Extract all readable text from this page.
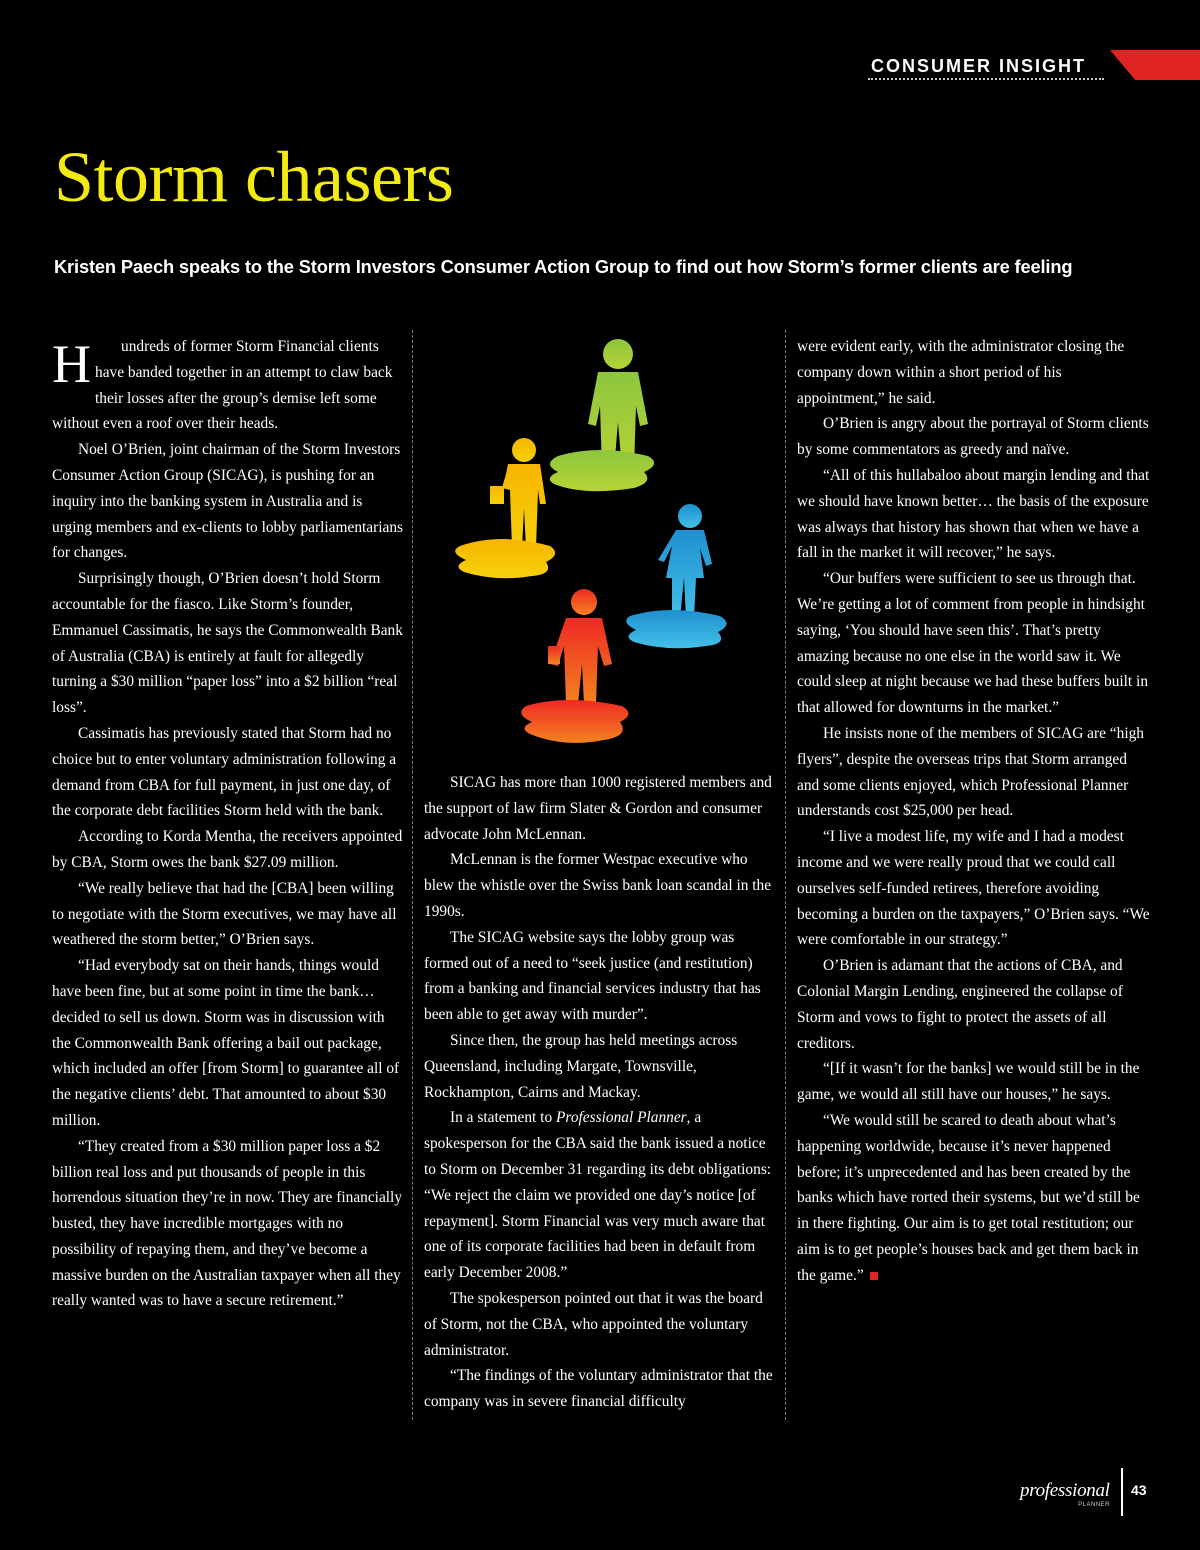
CONSUMER INSIGHT
Storm chasers

Kristen Paech speaks to the Storm Investors Consumer Action Group to find out how Storm’s former clients are feeling

H undreds of former Storm Financial clients have banded together in an attempt to claw back their losses after the group’s demise left some without even a roof over their heads.

Noel O’Brien, joint chairman of the Storm Investors Consumer Action Group (SICAG), is pushing for an inquiry into the banking system in Australia and is urging members and ex-clients to lobby parliamentarians for changes.

Surprisingly though, O’Brien doesn’t hold Storm accountable for the fiasco. Like Storm’s founder, Emmanuel Cassimatis, he says the Commonwealth Bank of Australia (CBA) is entirely at fault for allegedly turning a $30 million “paper loss” into a $2 billion “real loss”.

Cassimatis has previously stated that Storm had no choice but to enter voluntary administration following a demand from CBA for full payment, in just one day, of the corporate debt facilities Storm held with the bank.

According to Korda Mentha, the receivers appointed by CBA, Storm owes the bank $27.09 million.

“We really believe that had the [CBA] been willing to negotiate with the Storm executives, we may have all weathered the storm better,” O’Brien says.

“Had everybody sat on their hands, things would have been fine, but at some point in time the bank… decided to sell us down. Storm was in discussion with the Commonwealth Bank offering a bail out package, which included an offer [from Storm] to guarantee all of the negative clients’ debt. That amounted to about $30 million.

“They created from a $30 million paper loss a $2 billion real loss and put thousands of people in this horrendous situation they’re in now. They are financially busted, they have incredible mortgages with no possibility of repaying them, and they’ve become a massive burden on the Australian taxpayer when all they really wanted was to have a secure retirement.”

SICAG has more than 1000 registered members and the support of law firm Slater & Gordon and consumer advocate John McLennan.

McLennan is the former Westpac executive who blew the whistle over the Swiss bank loan scandal in the 1990s.

The SICAG website says the lobby group was formed out of a need to “seek justice (and restitution) from a banking and financial services industry that has been able to get away with murder”.

Since then, the group has held meetings across Queensland, including Margate, Townsville, Rockhampton, Cairns and Mackay.

In a statement to Professional Planner, a spokesperson for the CBA said the bank issued a notice to Storm on December 31 regarding its debt obligations: “We reject the claim we provided one day’s notice [of repayment]. Storm Financial was very much aware that one of its corporate facilities had been in default from early December 2008.”

The spokesperson pointed out that it was the board of Storm, not the CBA, who appointed the voluntary administrator.

“The findings of the voluntary administrator that the company was in severe financial difficulty

were evident early, with the administrator closing the company down within a short period of his appointment,” he said.

O’Brien is angry about the portrayal of Storm clients by some commentators as greedy and naïve.

“All of this hullabaloo about margin lending and that we should have known better… the basis of the exposure was always that history has shown that when we have a fall in the market it will recover,” he says.

“Our buffers were sufficient to see us through that. We’re getting a lot of comment from people in hindsight saying, ‘You should have seen this’. That’s pretty amazing because no one else in the world saw it. We could sleep at night because we had these buffers built in that allowed for downturns in the market.”

He insists none of the members of SICAG are “high flyers”, despite the overseas trips that Storm arranged and some clients enjoyed, which Professional Planner understands cost $25,000 per head.

“I live a modest life, my wife and I had a modest income and we were really proud that we could call ourselves self-funded retirees, therefore avoiding becoming a burden on the taxpayers,” O’Brien says. “We were comfortable in our strategy.”

O’Brien is adamant that the actions of CBA, and Colonial Margin Lending, engineered the collapse of Storm and vows to fight to protect the assets of all creditors.

“[If it wasn’t for the banks] we would still be in the game, we would all still have our houses,” he says.

“We would still be scared to death about what’s happening worldwide, because it’s never happened before; it’s unprecedented and has been created by the banks which have rorted their systems, but we’d still be in there fighting. Our aim is to get total restitution; our aim is to get people’s houses back and get them back in the game.”

professional
PLANNER
43
